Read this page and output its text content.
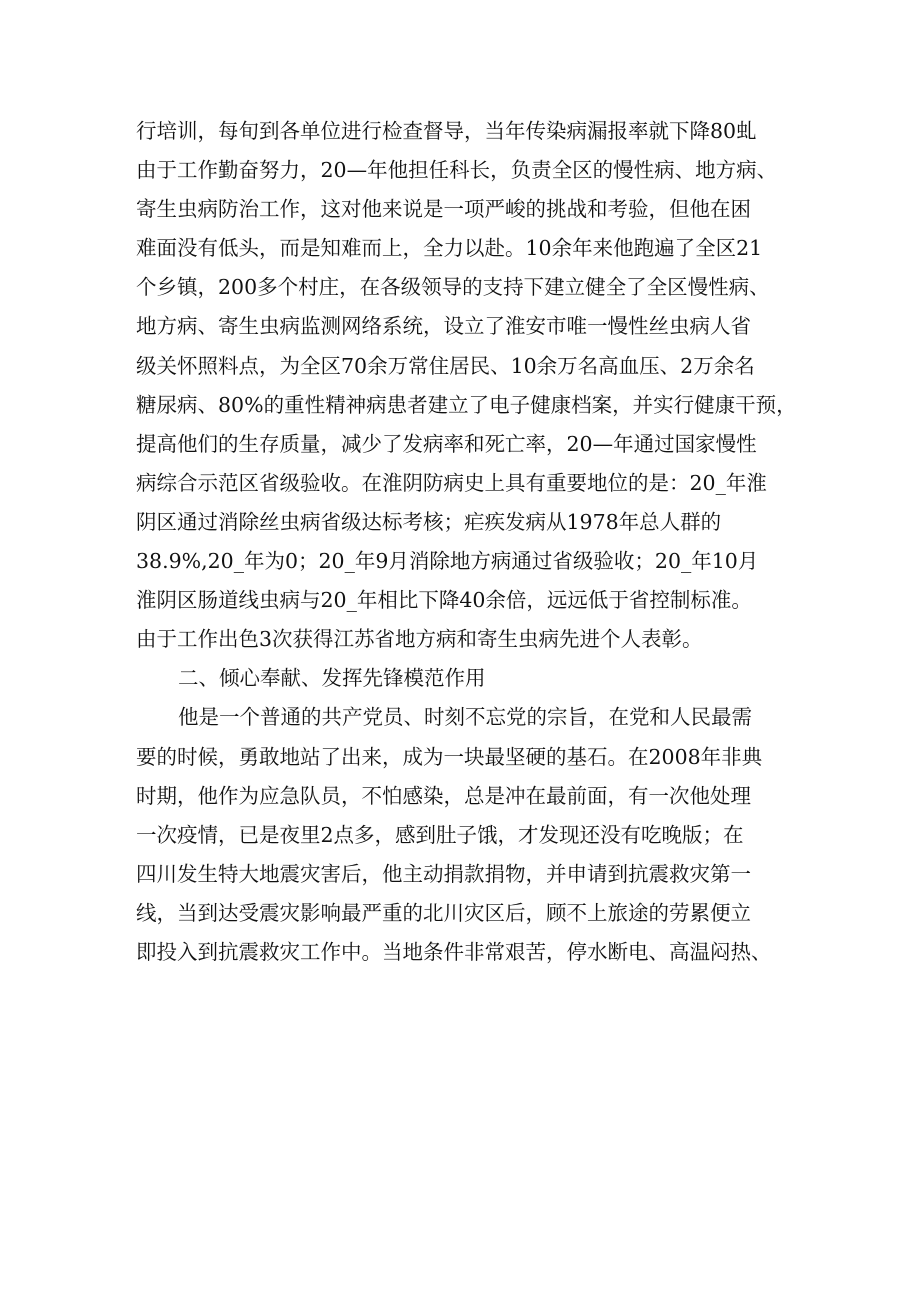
行培训，每旬到各单位进行检查督导，当年传染病漏报率就下降80虬
由于工作勤奋努力，20—年他担任科长，负责全区的慢性病、地方病、
寄生虫病防治工作，这对他来说是一项严峻的挑战和考验，但他在困
难面没有低头，而是知难而上，全力以赴。10余年来他跑遍了全区21
个乡镇，200多个村庄，在各级领导的支持下建立健全了全区慢性病、
地方病、寄生虫病监测网络系统，设立了淮安市唯一慢性丝虫病人省
级关怀照料点，为全区70余万常住居民、10余万名高血压、2万余名
糖尿病、80%的重性精神病患者建立了电子健康档案，并实行健康干预，
提高他们的生存质量，减少了发病率和死亡率，20—年通过国家慢性
病综合示范区省级验收。在淮阴防病史上具有重要地位的是：20_年淮
阴区通过消除丝虫病省级达标考核；疟疾发病从1978年总人群的
38.9%,20_年为0；20_年9月消除地方病通过省级验收；20_年10月
淮阴区肠道线虫病与20_年相比下降40余倍，远远低于省控制标准。
由于工作出色3次获得江苏省地方病和寄生虫病先进个人表彰。
二、倾心奉献、发挥先锋模范作用
他是一个普通的共产党员、时刻不忘党的宗旨，在党和人民最需
要的时候，勇敢地站了出来，成为一块最坚硬的基石。在2008年非典
时期，他作为应急队员，不怕感染，总是冲在最前面，有一次他处理
一次疫情，已是夜里2点多，感到肚子饿，才发现还没有吃晚版；在
四川发生特大地震灾害后，他主动捐款捐物，并申请到抗震救灾第一
线，当到达受震灾影响最严重的北川灾区后，顾不上旅途的劳累便立
即投入到抗震救灾工作中。当地条件非常艰苦，停水断电、高温闷热、
